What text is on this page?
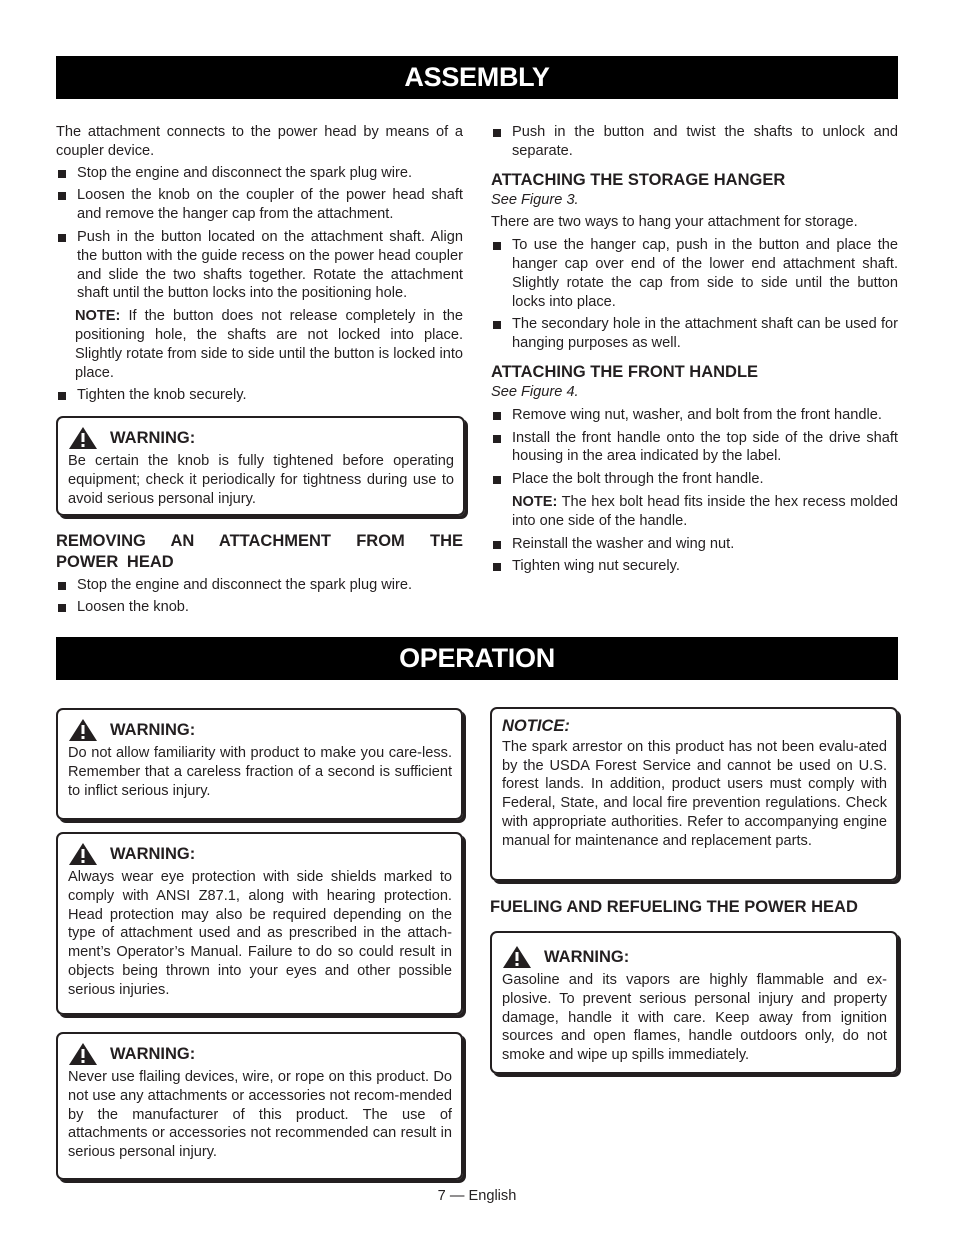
ASSEMBLY

The attachment connects to the power head by means of a coupler device.

Stop the engine and disconnect the spark plug wire.
Loosen the knob on the coupler of the power head shaft and remove the hanger cap from the attachment.
Push in the button located on the attachment shaft. Align the button with the guide recess on the power head coupler and slide the two shafts together. Rotate the attachment shaft until the button locks into the positioning hole.

NOTE: If the button does not release completely in the positioning hole, the shafts are not locked into place. Slightly rotate from side to side until the button is locked into place.

Tighten the knob securely.
WARNING:

Be certain the knob is fully tightened before operating equipment; check it periodically for tightness during use to avoid serious personal injury.

REMOVING AN ATTACHMENT FROM THE POWER HEAD
Stop the engine and disconnect the spark plug wire.
Loosen the knob.
Push in the button and twist the shafts to unlock and separate.
ATTACHING THE STORAGE HANGER

See Figure 3.

There are two ways to hang your attachment for storage.

To use the hanger cap, push in the button and place the hanger cap over end of the lower end attachment shaft. Slightly rotate the cap from side to side until the button locks into place.
The secondary hole in the attachment shaft can be used for hanging purposes as well.
ATTACHING THE FRONT HANDLE

See Figure 4.

Remove wing nut, washer, and bolt from the front handle.
Install the front handle onto the top side of the drive shaft housing in the area indicated by the label.
Place the bolt through the front handle.

NOTE: The hex bolt head fits inside the hex recess molded into one side of the handle.

Reinstall the washer and wing nut.
Tighten wing nut securely.
OPERATION
WARNING:

Do not allow familiarity with product to make you care-less. Remember that a careless fraction of a second is sufficient to inflict serious injury.

WARNING:

Always wear eye protection with side shields marked to comply with ANSI Z87.1, along with hearing protection. Head protection may also be required depending on the type of attachment used and as prescribed in the attach-ment’s Operator’s Manual. Failure to do so could result in objects being thrown into your eyes and other possible serious injuries.

WARNING:

Never use flailing devices, wire, or rope on this product. Do not use any attachments or accessories not recom-mended by the manufacturer of this product. The use of attachments or accessories not recommended can result in serious personal injury.

NOTICE:

The spark arrestor on this product has not been evalu-ated by the USDA Forest Service and cannot be used on U.S. forest lands. In addition, product users must comply with Federal, State, and local fire prevention regulations. Check with appropriate authorities. Refer to accompanying engine manual for maintenance and replacement parts.

FUELING AND REFUELING THE POWER HEAD
WARNING:

Gasoline and its vapors are highly flammable and ex-plosive. To prevent serious personal injury and property damage, handle it with care. Keep away from ignition sources and open flames, handle outdoors only, do not smoke and wipe up spills immediately.

7 — English
